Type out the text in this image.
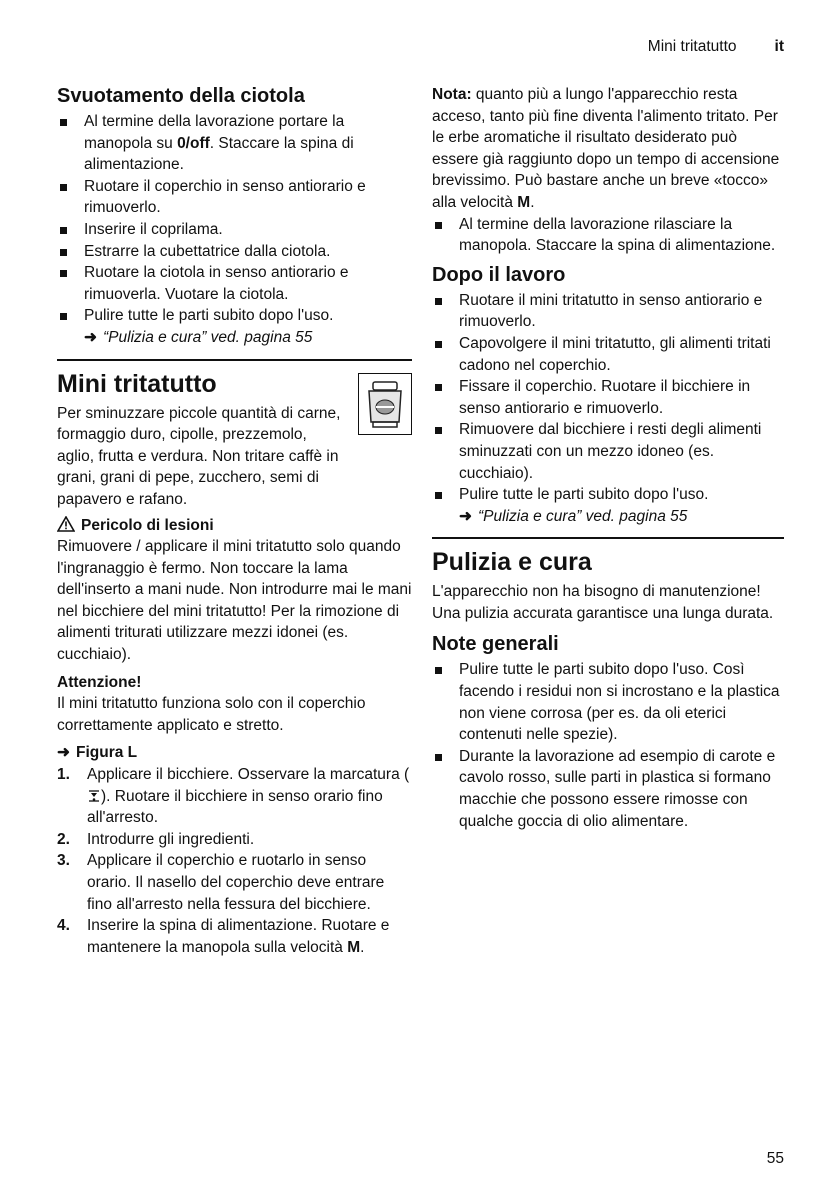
Mini tritatutto it
Svuotamento della ciotola
Al termine della lavorazione portare la manopola su 0/off. Staccare la spina di alimentazione.
Ruotare il coperchio in senso antiorario e rimuoverlo.
Inserire il coprilama.
Estrarre la cubettatrice dalla ciotola.
Ruotare la ciotola in senso antiorario e rimuoverla. Vuotare la ciotola.
Pulire tutte le parti subito dopo l'uso.
➜ “Pulizia e cura” ved. pagina 55
Mini tritatutto

Per sminuzzare piccole quantità di carne, formaggio duro, cipolle, prezzemolo, aglio, frutta e verdura. Non tritare caffè in grani, grani di pepe, zucchero, semi di papavero e rafano.

Pericolo di lesioni

Rimuovere / applicare il mini tritatutto solo quando l'ingranaggio è fermo. Non toccare la lama dell'inserto a mani nude. Non introdurre mai le mani nel bicchiere del mini tritatutto! Per la rimozione di alimenti triturati utilizzare mezzi idonei (es. cucchiaio).

Attenzione!

Il mini tritatutto funziona solo con il coperchio correttamente applicato e stretto.

➜ Figura L
1. Applicare il bicchiere. Osservare la marcatura (). Ruotare il bicchiere in senso orario fino all'arresto.
2. Introdurre gli ingredienti.
3. Applicare il coperchio e ruotarlo in senso orario. Il nasello del coperchio deve entrare fino all'arresto nella fessura del bicchiere.
4. Inserire la spina di alimentazione. Ruotare e mantenere la manopola sulla velocità M.

Nota: quanto più a lungo l'apparecchio resta acceso, tanto più fine diventa l'alimento tritato. Per le erbe aromatiche il risultato desiderato può essere già raggiunto dopo un tempo di accensione brevissimo. Può bastare anche un breve «tocco» alla velocità M.

Al termine della lavorazione rilasciare la manopola. Staccare la spina di alimentazione.
Dopo il lavoro
Ruotare il mini tritatutto in senso antiorario e rimuoverlo.
Capovolgere il mini tritatutto, gli alimenti tritati cadono nel coperchio.
Fissare il coperchio. Ruotare il bicchiere in senso antiorario e rimuoverlo.
Rimuovere dal bicchiere i resti degli alimenti sminuzzati con un mezzo idoneo (es. cucchiaio).
Pulire tutte le parti subito dopo l'uso.
➜ “Pulizia e cura” ved. pagina 55
Pulizia e cura

L'apparecchio non ha bisogno di manutenzione! Una pulizia accurata garantisce una lunga durata.

Note generali
Pulire tutte le parti subito dopo l'uso. Così facendo i residui non si incrostano e la plastica non viene corrosa (per es. da oli eterici contenuti nelle spezie).
Durante la lavorazione ad esempio di carote e cavolo rosso, sulle parti in plastica si formano macchie che possono essere rimosse con qualche goccia di olio alimentare.
55
